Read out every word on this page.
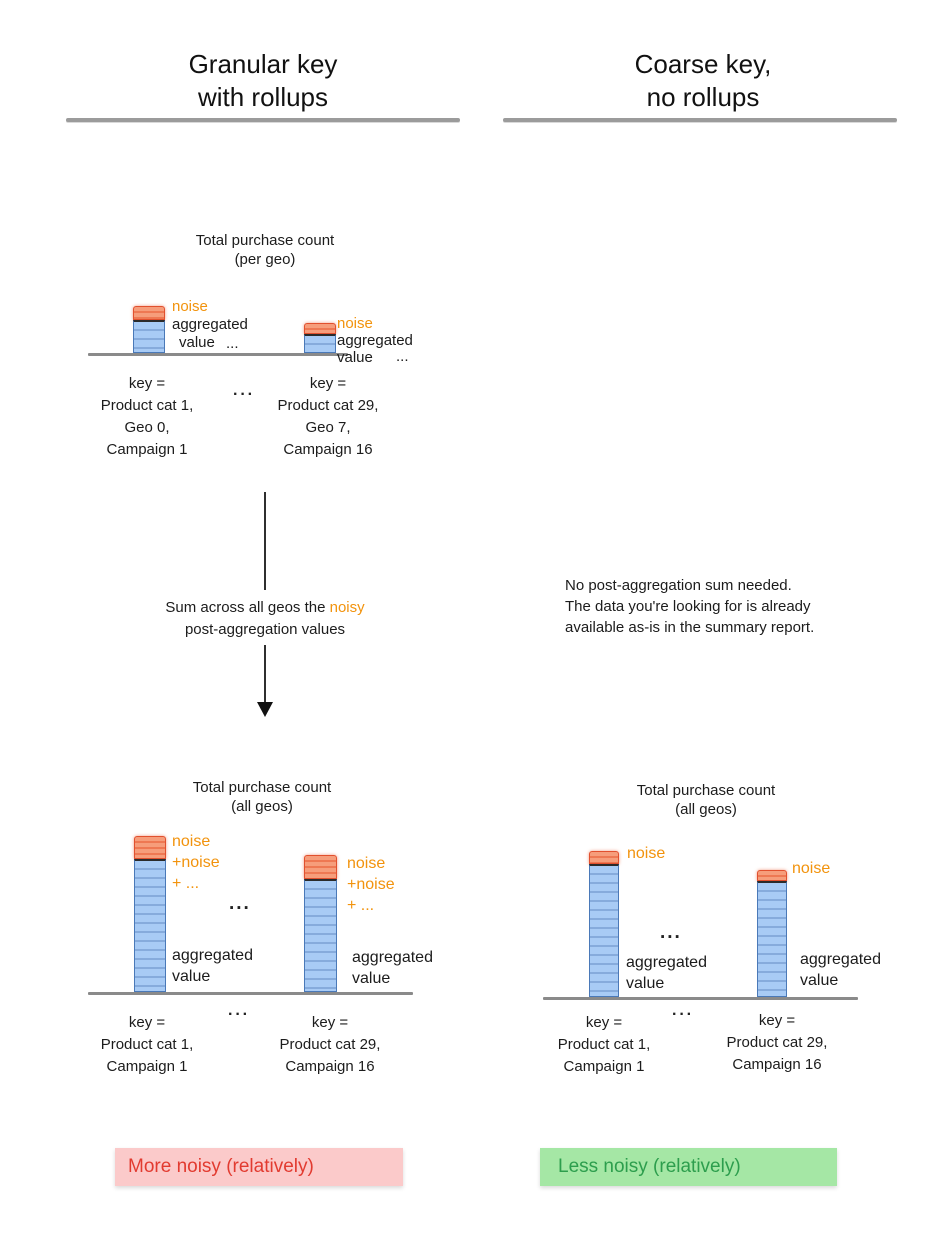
Granular key
with rollups
Coarse key,
no rollups
Total purchase count
(per geo)
noise
aggregated
value ...
noise
aggregated
value	...
key =
Product cat 1,
Geo 0,
Campaign 1
···
key =
Product cat 29,
Geo 7,
Campaign 16
Sum across all geos the noisy
post-aggregation values
No post-aggregation sum needed.
The data you're looking for is already
available as-is in the summary report.
Total purchase count
(all geos)
noise
+noise
+ ...
noise
+noise
+ ...
...
aggregated
value
aggregated
value
key =
Product cat 1,
Campaign 1
···	key =
Product cat 29,
Campaign 16
Total purchase count
(all geos)
noise
noise
...
aggregated
value
aggregated
value
key =
Product cat 1,
Campaign 1
···	key =
Product cat 29,
Campaign 16
More noisy (relatively)	Less noisy (relatively)
